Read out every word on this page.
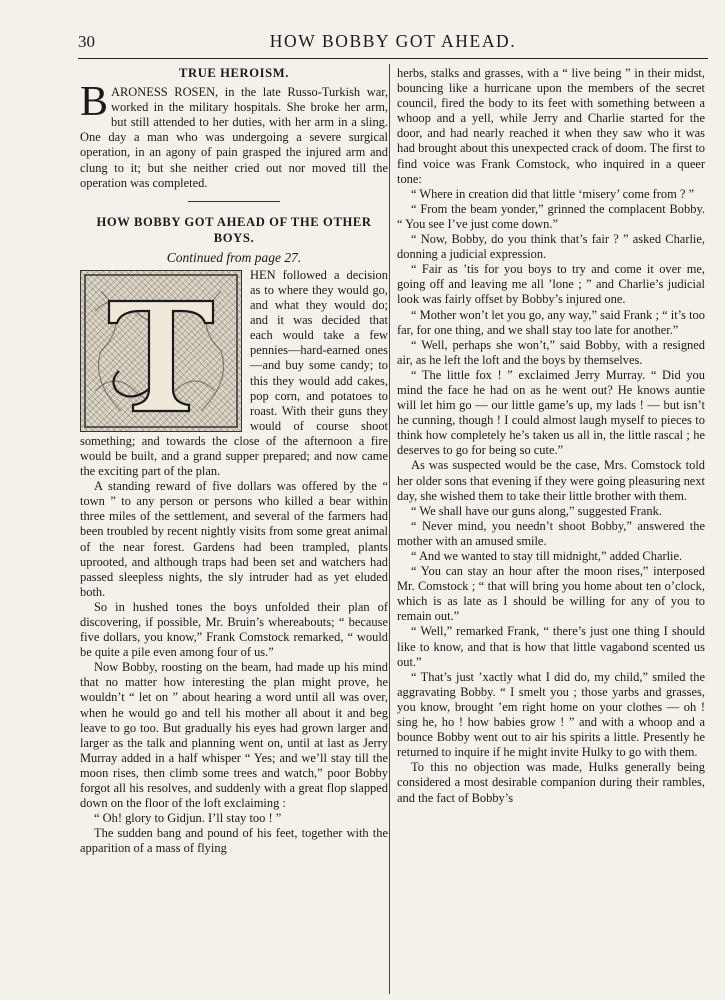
30	HOW BOBBY GOT AHEAD.
TRUE HEROISM.

BARONESS ROSEN, in the late Russo-Turkish war, worked in the military hospitals. She broke her arm, but still attended to her duties, with her arm in a sling. One day a man who was undergoing a severe surgical operation, in an agony of pain grasped the injured arm and clung to it; but she neither cried out nor moved till the operation was completed.

HOW BOBBY GOT AHEAD OF THE OTHER BOYS.
Continued from page 27.

HEN followed a decision as to where they would go, and what they would do; and it was decided that each would take a few pennies—hard-earned ones—and buy some candy; to this they would add cakes, pop corn, and potatoes to roast. With their guns they would of course shoot something; and towards the close of the afternoon a fire would be built, and a grand supper prepared; and now came the exciting part of the plan.

A standing reward of five dollars was offered by the “ town ” to any person or persons who killed a bear within three miles of the settlement, and several of the farmers had been troubled by recent nightly visits from some great animal of the near forest. Gardens had been trampled, plants uprooted, and although traps had been set and watchers had passed sleepless nights, the sly intruder had as yet eluded both.

So in hushed tones the boys unfolded their plan of discovering, if possible, Mr. Bruin’s whereabouts; “ because five dollars, you know,” Frank Comstock remarked, “ would be quite a pile even among four of us.”

Now Bobby, roosting on the beam, had made up his mind that no matter how interesting the plan might prove, he wouldn’t “ let on ” about hearing a word until all was over, when he would go and tell his mother all about it and beg leave to go too. But gradually his eyes had grown larger and larger as the talk and planning went on, until at last as Jerry Murray added in a half whisper “ Yes; and we’ll stay till the moon rises, then climb some trees and watch,” poor Bobby forgot all his resolves, and suddenly with a great flop slapped down on the floor of the loft exclaiming :

“ Oh! glory to Gidjun. I’ll stay too ! ”

The sudden bang and pound of his feet, together with the apparition of a mass of flying

herbs, stalks and grasses, with a “ live being ” in their midst, bouncing like a hurricane upon the members of the secret council, fired the body to its feet with something between a whoop and a yell, while Jerry and Charlie started for the door, and had nearly reached it when they saw who it was had brought about this unexpected crack of doom. The first to find voice was Frank Comstock, who inquired in a queer tone:

“ Where in creation did that little ‘misery’ come from ? ”

“ From the beam yonder,” grinned the complacent Bobby. “ You see I’ve just come down.”

“ Now, Bobby, do you think that’s fair ? ” asked Charlie, donning a judicial expression.

“ Fair as ’tis for you boys to try and come it over me, going off and leaving me all ’lone ; ” and Charlie’s judicial look was fairly offset by Bobby’s injured one.

“ Mother won’t let you go, any way,” said Frank ; “ it’s too far, for one thing, and we shall stay too late for another.”

“ Well, perhaps she won’t,” said Bobby, with a resigned air, as he left the loft and the boys by themselves.

“ The little fox ! ” exclaimed Jerry Murray. “ Did you mind the face he had on as he went out? He knows auntie will let him go — our little game’s up, my lads ! — but isn’t he cunning, though ! I could almost laugh myself to pieces to think how completely he’s taken us all in, the little rascal ; he deserves to go for being so cute.”

As was suspected would be the case, Mrs. Comstock told her older sons that evening if they were going pleasuring next day, she wished them to take their little brother with them.

“ We shall have our guns along,” suggested Frank.

“ Never mind, you needn’t shoot Bobby,” answered the mother with an amused smile.

“ And we wanted to stay till midnight,” added Charlie.

“ You can stay an hour after the moon rises,” interposed Mr. Comstock ; “ that will bring you home about ten o’clock, which is as late as I should be willing for any of you to remain out.”

“ Well,” remarked Frank, “ there’s just one thing I should like to know, and that is how that little vagabond scented us out.”

“ That’s just ’xactly what I did do, my child,” smiled the aggravating Bobby. “ I smelt you ; those yarbs and grasses, you know, brought ’em right home on your clothes — oh ! sing he, ho ! how babies grow ! ” and with a whoop and a bounce Bobby went out to air his spirits a little. Presently he returned to inquire if he might invite Hulky to go with them.

To this no objection was made, Hulks generally being considered a most desirable companion during their rambles, and the fact of Bobby’s
